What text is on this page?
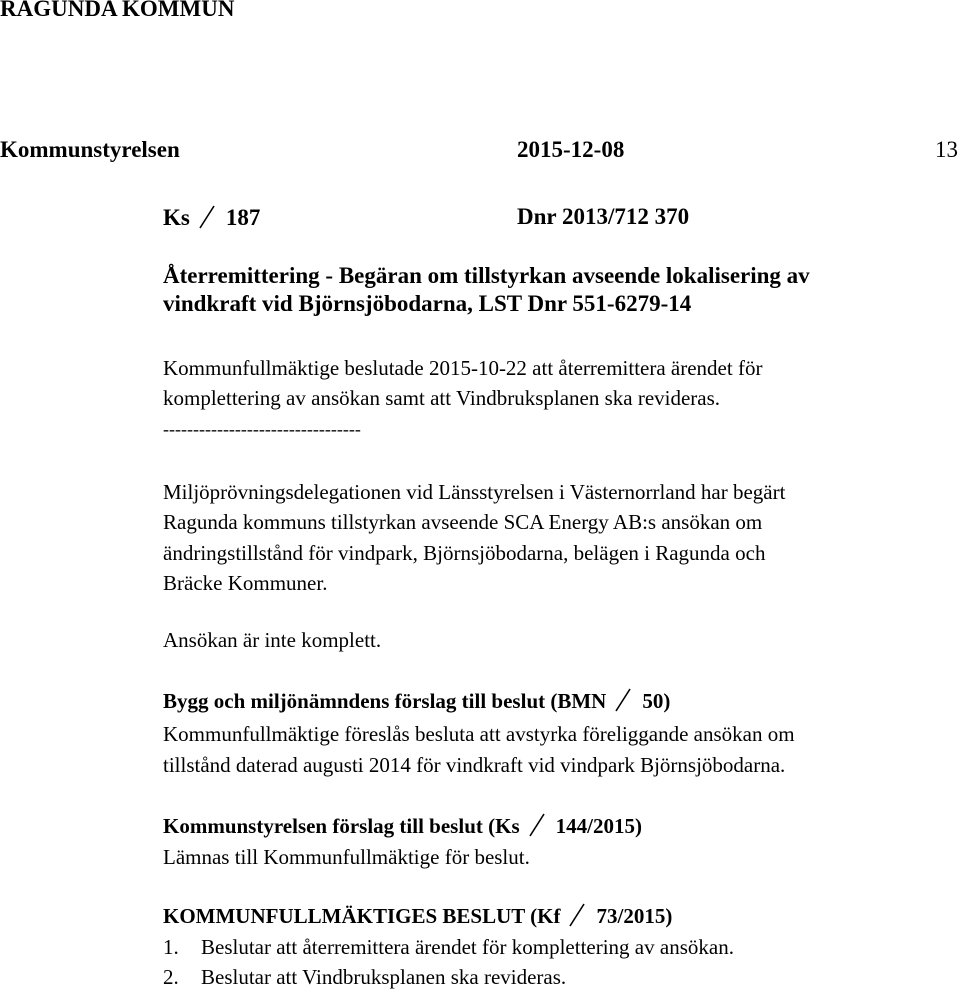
RAGUNDA KOMMUN
Kommunstyrelsen	2015-12-08	13
Ks 187	Dnr 2013/712 370
Återremittering - Begäran om tillstyrkan avseende lokalisering av
vindkraft vid Björnsjöbodarna, LST Dnr 551-6279-14
Kommunfullmäktige beslutade 2015-10-22 att återremittera ärendet för
komplettering av ansökan samt att Vindbruksplanen ska revideras.
---------------------------------
Miljöprövningsdelegationen vid Länsstyrelsen i Västernorrland har begärt
Ragunda kommuns tillstyrkan avseende SCA Energy AB:s ansökan om
ändringstillstånd för vindpark, Björnsjöbodarna, belägen i Ragunda och
Bräcke Kommuner.
Ansökan är inte komplett.
Bygg och miljönämndens förslag till beslut (BMN 50)
Kommunfullmäktige föreslås besluta att avstyrka föreliggande ansökan om
tillstånd daterad augusti 2014 för vindkraft vid vindpark Björnsjöbodarna.
Kommunstyrelsen förslag till beslut (Ks 144/2015)
Lämnas till Kommunfullmäktige för beslut.
KOMMUNFULLMÄKTIGES BESLUT (Kf 73/2015)
1. Beslutar att återremittera ärendet för komplettering av ansökan.
2. Beslutar att Vindbruksplanen ska revideras.
